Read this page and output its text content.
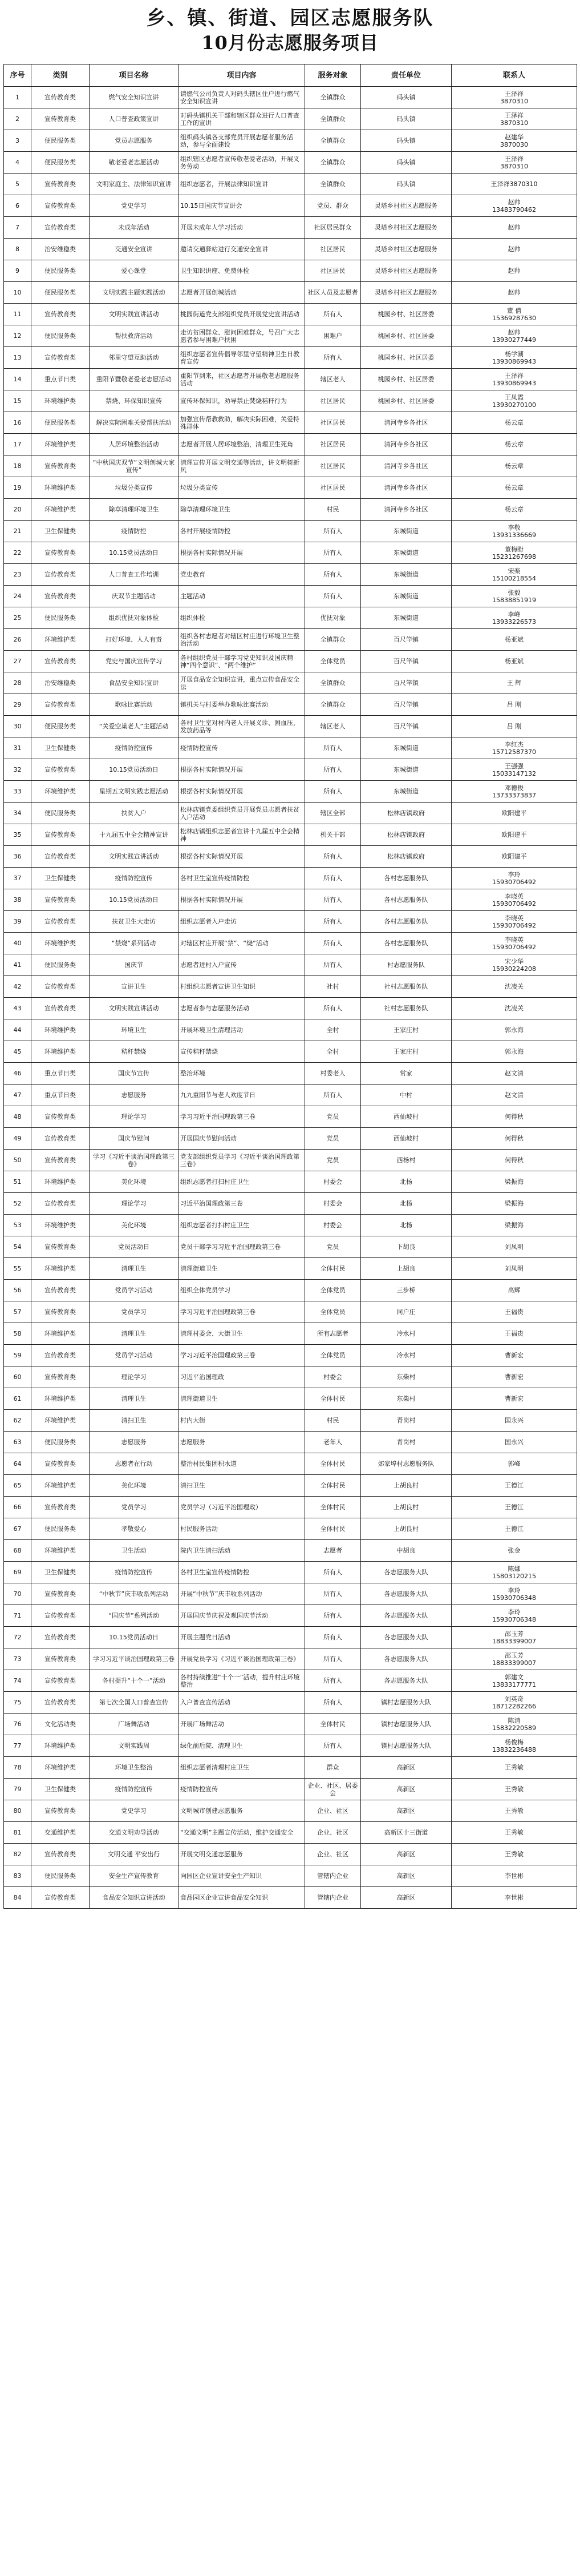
乡、镇、街道、园区志愿服务队
10月份志愿服务项目
序号	类别	项目名称	项目内容	服务对象	责任单位	联系人
1	宣传教育类	燃气安全知识宣讲	请燃气公司负责人对码头辖区住户进行燃气安全知识宣讲	全镇群众	码头镇	王泽祥
3870310
2	宣传教育类	人口普查政策宣讲	对码头镇机关干部和辖区群众进行人口普查工作的宣讲	全镇群众	码头镇	王泽祥
3870310
3	便民服务类	党员志愿服务	组织码头镇各支部党员开展志愿者服务活动，参与全面建设	全镇群众	码头镇	赵建华
3870030
4	便民服务类	敬老爱老志愿活动	组织辖区志愿者宣传敬老爱老活动，开展义务劳动	全镇群众	码头镇	王泽祥
3870310
5	宣传教育类	文明家庭主、法律知识宣讲	组织志愿者，开展法律知识宣讲	全镇群众	码头镇	王泽祥3870310
6	宣传教育类	党史学习	10.15日国庆节宣讲会	党员、群众	灵塔乡村社区志愿服务	赵帅
13483790462
7	宣传教育类	未成年活动	开展未成年人学习活动	社区居民群众	灵塔乡村社区志愿服务	赵帅
8	治安维稳类	交通安全宣讲	邀请交通驿站进行交通安全宣讲	社区居民	灵塔乡村社区志愿服务	赵帅
9	便民服务类	爱心课堂	卫生知识讲座、免费体检	社区居民	灵塔乡村社区志愿服务	赵帅
10	便民服务类	文明实践主题实践活动	志愿者开展创城活动	社区人员及志愿者	灵塔乡村社区志愿服务	赵帅
11	宣传教育类	文明实践宣讲活动	桃园街道党支部组织党员开展党史宣讲活动	所有人	桃园乡村、社区居委	董 倩
15369287630
12	便民服务类	帮扶救济活动	走访贫困群众、慰问困难群众，号召广大志愿者参与困难户扶困	困难户	桃园乡村、社区居委	赵帅
13930277449
13	宣传教育类	邻里守望互助活动	组织志愿者宣传倡导邻里守望精神卫生日教育宣传	所有人	桃园乡村、社区居委	杨学潮
13930869943
14	重点节日类	重阳节暨敬老爱老志愿活动	重阳节到来，社区志愿者开展敬老志愿服务活动	辖区老人	桃园乡村、社区居委	王泽祥
13930869943
15	环境维护类	禁烧、环保知识宣传	宣传环保知识，劝导禁止焚烧秸秆行为	社区居民	桃园乡村、社区居委	王凤霞
13930270100
16	便民服务类	解决实际困难关爱帮扶活动	加强宣传帮教救助，解决实际困难，关爱特殊群体	社区居民	清河寺乡各社区	杨云章
17	环境维护类	人居环境整治活动	志愿者开展人居环境整治，清理卫生死角	社区居民	清河寺乡各社区	杨云章
18	宣传教育类	“中秋国庆双节”文明创城大家宣传”	清理宣传开展文明交通等活动，讲文明树新风	社区居民	清河寺乡各社区	杨云章
19	环境维护类	垃圾分类宣传	垃圾分类宣传	社区居民	清河寺乡各社区	杨云章
20	环境维护类	除草清理环境卫生	除草清理环境卫生	村民	清河寺乡各社区	杨云章
21	卫生保健类	疫情防控	各村开展疫情防控	所有人	东城街道	李敬
13931336669
22	宣传教育类	10.15党员活动日	根据各村实际情况开展	所有人	东城街道	董梅盼
15231267698
23	宣传教育类	人口普查工作培训	党史教育	所有人	东城街道	宋楽
15100218554
24	宣传教育类	庆双节主题活动	主题活动	所有人	东城街道	张毅
15838851919
25	便民服务类	组织优抚对象体检	组织体检	优抚对象	东城街道	李峰
13933226573
26	环境维护类	打好环境、人人有责	组织各村志愿者对辖区村庄进行环境卫生整治活动	全镇群众	百尺竿镇	杨亚斌
27	宣传教育类	党史与国庆宣传学习	各村组织党员干部学习党史知识及国庆精神“四个意识”、“两个维护”	全体党员	百尺竿镇	杨亚斌
28	治安维稳类	食品安全知识宣讲	开展食品安全知识宣讲，重点宣传食品安全法	全镇群众	百尺竿镇	王 辉
29	宣传教育类	歌咏比赛活动	镇机关与村委举办歌咏比赛活动	全镇群众	百尺竿镇	吕 刚
30	便民服务类	“关爱空巢老人”主题活动	各村卫生室对村内老人开展义诊、测血压，发放药品等	辖区老人	百尺竿镇	吕 刚
31	卫生保健类	疫情防控宣传	疫情防控宣传	所有人	东城街道	李红杰
15712587370
32	宣传教育类	10.15党员活动日	根据各村实际情况开展	所有人	东城街道	王强强
15033147132
33	环境维护类	星期五文明实践志愿活动	根据各村实际情况开展	所有人	东城街道	邓德俊
13733373837
34	便民服务类	扶贫入户	松林店镇党委组织党员开展党员志愿者扶贫入户活动	辖区全部	松林店镇政府	欧阳建平
35	宣传教育类	十九届五中全会精神宣讲	松林店镇组织志愿者宣讲十九届五中全会精神	机关干部	松林店镇政府	欧阳建平
36	宣传教育类	文明实践宣讲活动	根据各村实际情况开展	所有人	松林店镇政府	欧阳建平
37	卫生保健类	疫情防控宣传	各村卫生室宣传疫情防控	所有人	各村志愿服务队	李玲
15930706492
38	宣传教育类	10.15党员活动日	根据各村实际情况开展	所有人	各村志愿服务队	李晓英
15930706492
39	宣传教育类	扶贫卫生大走访	组织志愿者入户走访	所有人	各村志愿服务队	李晓英
15930706492
40	环境维护类	“禁烧”系列活动	对辖区村庄开展“禁”、“烧”活动	所有人	各村志愿服务队	李晓英
15930706492
41	便民服务类	国庆节	志愿者进村入户宣传	所有人	村志愿服务队	宋少华
15930224208
42	宣传教育类	宣讲卫生	村组织志愿者宣讲卫生知识	社村	社村志愿服务队	沈凌关
43	宣传教育类	文明实践宣讲活动	志愿者参与志愿服务活动	所有人	社村志愿服务队	沈凌关
44	环境维护类	环境卫生	开展环境卫生清理活动	全村	王家庄村	郭永海
45	环境维护类	秸秆禁烧	宣传秸秆禁烧	全村	王家庄村	郭永海
46	重点节日类	国庆节宣传	整治环境	村委老人	常家	赵文清
47	重点节日类	志愿服务	九九重阳节与老人欢度节日	所有人	中村	赵文清
48	宣传教育类	理论学习	学习习近平治国理政第三卷	党员	西仙坡村	何得秋
49	宣传教育类	国庆节慰问	开展国庆节慰问活动	党员	西仙坡村	何得秋
50	宣传教育类	学习《习近平谈治国理政第三卷》	党支部组织党员学习《习近平谈治国理政第三卷》	党员	西杨村	何得秋
51	环境维护类	美化环境	组织志愿者打扫村庄卫生	村委会	北杨	梁振海
52	宣传教育类	理论学习	习近平治国理政第三卷	村委会	北杨	梁振海
53	环境维护类	美化环境	组织志愿者打扫村庄卫生	村委会	北杨	梁振海
54	宣传教育类	党员活动日	党员干部学习习近平治国理政第三卷	党员	下胡良	刘凤明
55	环境维护类	清理卫生	清理街道卫生	全体村民	上胡良	刘凤明
56	宣传教育类	党员学习活动	组织全体党员学习	全体党员	三步桥	高辉
57	宣传教育类	党员学习	学习习近平治国理政第三卷	全体党员	同户庄	王福贵
58	环境维护类	清理卫生	清理村委会、大街卫生	所有志愿者	冷水村	王福贵
59	宣传教育类	党员学习活动	学习习近平治国理政第三卷	全体党员	冷水村	曹新宏
60	宣传教育类	理论学习	习近平治国理政	村委会	东柴村	曹新宏
61	环境维护类	清理卫生	清理街道卫生	全体村民	东柴村	曹新宏
62	环境维护类	清扫卫生	村内大街	村民	青岗村	国永兴
63	便民服务类	志愿服务	志愿服务	老年人	青岗村	国永兴
64	宣传教育类	志愿者在行动	整治村民集团积水道	全体村民	郊家埠村志愿服务队	郭峰
65	环境维护类	美化环境	清扫卫生	全体村民	上胡良村	王德江
66	宣传教育类	党员学习	党员学习（习近平治国理政）	全体村民	上胡良村	王德江
67	便民服务类	孝敬爱心	村民服务活动	全体村民	上胡良村	王德江
68	环境维护类	卫生活动	院内卫生清扫活动	志愿者	中胡良	张金
69	卫生保健类	疫情防控宣传	各村卫生室宣传疫情防控	所有人	各志愿服务大队	陈娜
15803120215
70	宣传教育类	“中秋节”庆丰收系列活动	开展“中秋节”庆丰收系列活动	所有人	各志愿服务大队	李玲
15930706348
71	宣传教育类	“国庆节”系列活动	开展国庆节庆祝及观国庆节活动	所有人	各志愿服务大队	李玲
15930706348
72	宣传教育类	10.15党员活动日	开展主题党日活动	所有人	各志愿服务大队	邵玉芳
18833399007
73	宣传教育类	学习习近平谈治国理政第三卷	开展党员学习《习近平谈治国理政第三卷》	所有人	各志愿服务大队	邵玉芳
18833399007
74	宣传教育类	各村提升“十个一”活动	各村持续推进“十个一”活动，提升村庄环境整治	所有人	各志愿服务大队	郭建文
13833177771
75	宣传教育类	第七次全国人口普查宣传	入户普查宣传活动	所有人	镇村志愿服务大队	刘英奇
18712282266
76	文化活动类	广场舞活动	开展广场舞活动	全体村民	镇村志愿服务大队	陈清
15832220589
77	环境维护类	文明实践周	绿化前后院、清理卫生	所有人	镇村志愿服务大队	杨俊梅
13832236488
78	环境维护类	环境卫生整治	组织志愿者清理村庄卫生	群众	高新区	王秀敏
79	卫生保健类	疫情防控宣传	疫情防控宣传	企业、社区、居委会	高新区	王秀敏
80	宣传教育类	党史学习	文明城市创建志愿服务	企业、社区	高新区	王秀敏
81	交通维护类	交通文明劝导活动	“交通文明”主题宣传活动，维护交通安全	企业、社区	高新区十三街道	王秀敏
82	宣传教育类	文明交通 平安出行	开展文明交通志愿服务	企业、社区	高新区	王秀敏
83	便民服务类	安全生产宣传教育	向园区企业宣讲安全生产知识	管辖内企业	高新区	李世彬
84	宣传教育类	食品安全知识宣讲活动	食品园区企业宣讲食品安全知识	管辖内企业	高新区	李世彬
